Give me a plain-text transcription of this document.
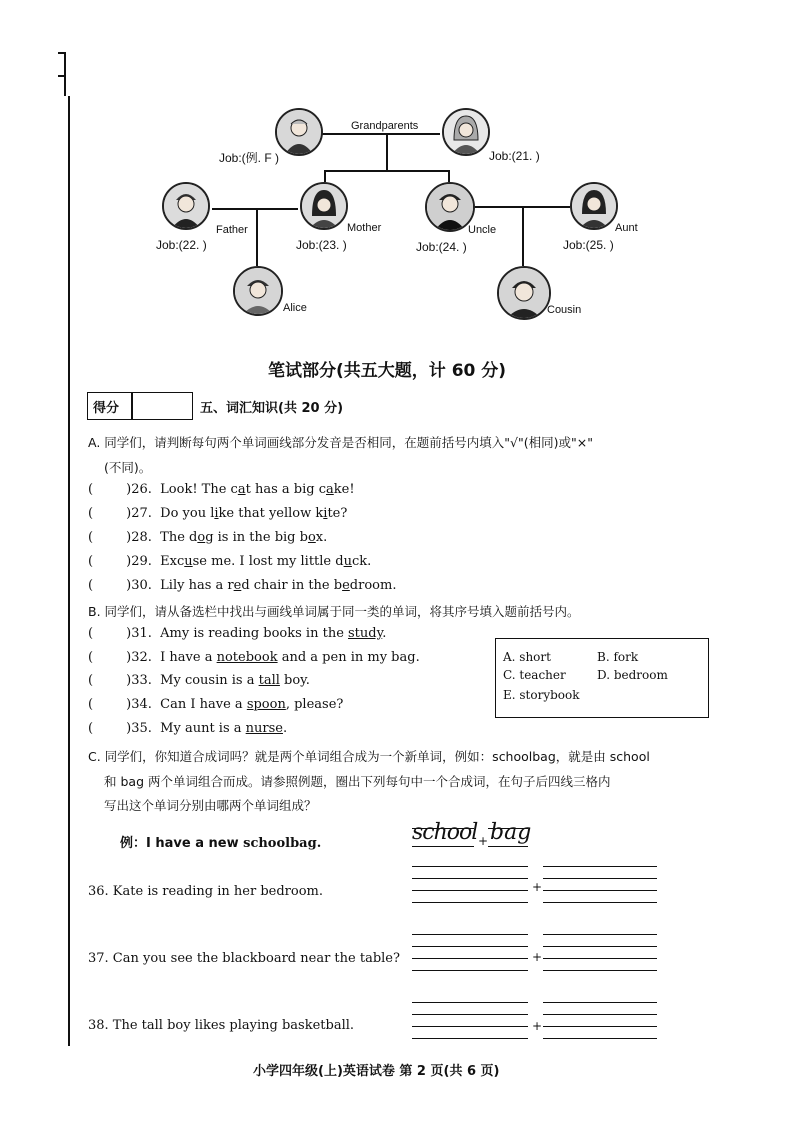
Job:(例. F )	Job:(21. )
Grandparents
Father
Job:(22. )
Mother
Job:(23. )
Uncle
Job:(24. )
Aunt
Job:(25. )
Alice	Cousin
笔试部分(共五大题，计 60 分)
得分	五、词汇知识(共 20 分)
A. 同学们，请判断每句两个单词画线部分发音是否相同，在题前括号内填入"√"(相同)或"×"
(不同)。
(        )26. Look! The cat has a big cake!
(        )27. Do you like that yellow kite?
(        )28. The dog is in the big box.
(        )29. Excuse me. I lost my little duck.
(        )30. Lily has a red chair in the bedroom.
B. 同学们，请从备选栏中找出与画线单词属于同一类的单词，将其序号填入题前括号内。
(        )31. Amy is reading books in the study.
(        )32. I have a notebook and a pen in my bag.
(        )33. My cousin is a tall boy.
(        )34. Can I have a spoon, please?
(        )35. My aunt is a nurse.
A. short	B. fork
C. teacher	D. bedroom
E. storybook
C. 同学们，你知道合成词吗？就是两个单词组合成为一个新单词，例如：schoolbag，就是由 school
和 bag 两个单词组合而成。请参照例题，圈出下列每句中一个合成词，在句子后四线三格内
写出这个单词分别由哪两个单词组成？
例：I have a new schoolbag.	school + bag
36. Kate is reading in her bedroom.	+
37. Can you see the blackboard near the table?	+
38. The tall boy likes playing basketball.	+
小学四年级(上)英语试卷 第 2 页(共 6 页)
